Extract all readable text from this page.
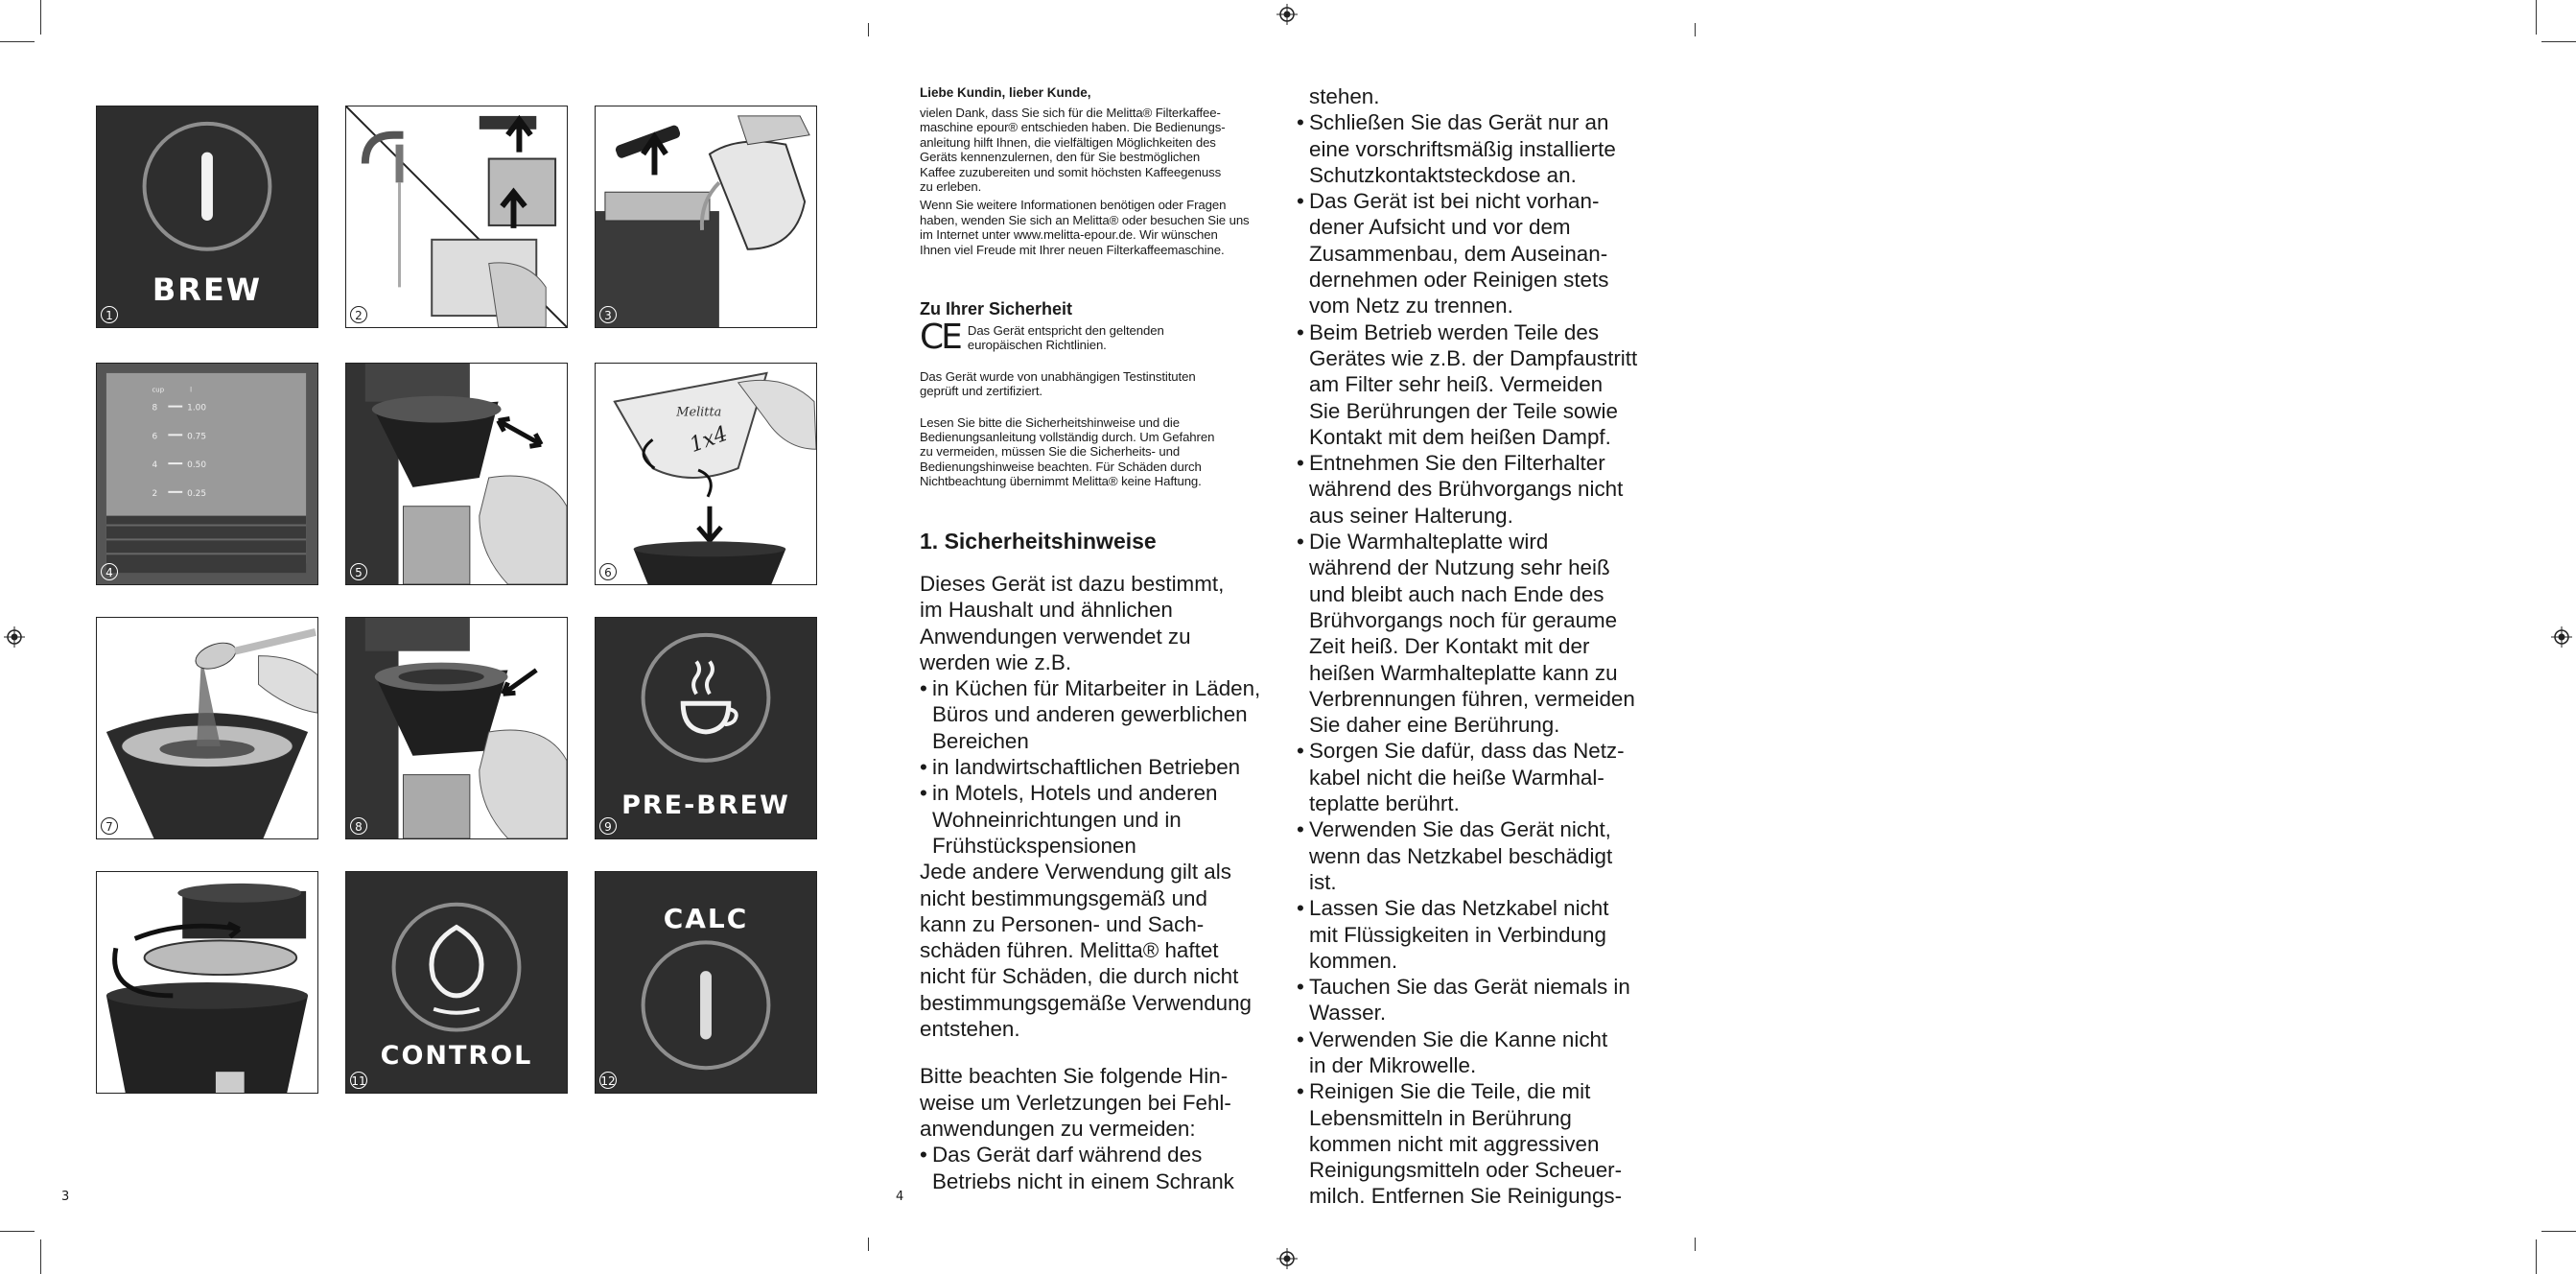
BREW
1	2	3
1.00
0.75
0.50
0.25
8
6
4
2
cup	l
4	5
Melitta
1x4
6
7	8
PRE-BREW
9
10
CONTROL
11
CALC
12
3	4
Liebe Kundin, lieber Kunde,

vielen Dank, dass Sie sich für die Melitta® Filterkaffee-

maschine epour® entschieden haben. Die Bedienungs-

anleitung hilft Ihnen, die vielfältigen Möglichkeiten des

Geräts kennenzulernen, den für Sie bestmöglichen

Kaffee zuzubereiten und somit höchsten Kaffeegenuss

zu erleben.

Wenn Sie weitere Informationen benötigen oder Fragen

haben, wenden Sie sich an Melitta® oder besuchen Sie uns

im Internet unter www.melitta-epour.de. Wir wünschen

Ihnen viel Freude mit Ihrer neuen Filterkaffeemaschine.

Zu Ihrer Sicherheit
CE Das Gerät entspricht den geltenden

europäischen Richtlinien.

Das Gerät wurde von unabhängigen Testinstituten

geprüft und zertifiziert.

Lesen Sie bitte die Sicherheitshinweise und die

Bedienungsanleitung vollständig durch. Um Gefahren

zu vermeiden, müssen Sie die Sicherheits- und

Bedienungshinweise beachten. Für Schäden durch

Nichtbeachtung übernimmt Melitta® keine Haftung.

1. Sicherheitshinweise

Dieses Gerät ist dazu bestimmt,

im Haushalt und ähnlichen

Anwendungen verwendet zu

werden wie z.B.

• in Küchen für Mitarbeiter in Läden,

Büros und anderen gewerblichen

Bereichen

• in landwirtschaftlichen Betrieben

• in Motels, Hotels und anderen

Wohneinrichtungen und in

Frühstückspensionen

Jede andere Verwendung gilt als

nicht bestimmungsgemäß und

kann zu Personen- und Sach-

schäden führen. Melitta® haftet

nicht für Schäden, die durch nicht

bestimmungsgemäße Verwendung

entstehen.

Bitte beachten Sie folgende Hin-

weise um Verletzungen bei Fehl-

anwendungen zu vermeiden:

• Das Gerät darf während des

Betriebs nicht in einem Schrank

stehen.

• Schließen Sie das Gerät nur an

eine vorschriftsmäßig installierte

Schutzkontaktsteckdose an.

• Das Gerät ist bei nicht vorhan-

dener Aufsicht und vor dem

Zusammenbau, dem Auseinan-

dernehmen oder Reinigen stets

vom Netz zu trennen.

• Beim Betrieb werden Teile des

Gerätes wie z.B. der Dampfaustritt

am Filter sehr heiß. Vermeiden

Sie Berührungen der Teile sowie

Kontakt mit dem heißen Dampf.

• Entnehmen Sie den Filterhalter

während des Brühvorgangs nicht

aus seiner Halterung.

• Die Warmhalteplatte wird

während der Nutzung sehr heiß

und bleibt auch nach Ende des

Brühvorgangs noch für geraume

Zeit heiß. Der Kontakt mit der

heißen Warmhalteplatte kann zu

Verbrennungen führen, vermeiden

Sie daher eine Berührung.

• Sorgen Sie dafür, dass das Netz-

kabel nicht die heiße Warmhal-

teplatte berührt.

• Verwenden Sie das Gerät nicht,

wenn das Netzkabel beschädigt

ist.

• Lassen Sie das Netzkabel nicht

mit Flüssigkeiten in Verbindung

kommen.

• Tauchen Sie das Gerät niemals in

Wasser.

• Verwenden Sie die Kanne nicht

in der Mikrowelle.

• Reinigen Sie die Teile, die mit

Lebensmitteln in Berührung

kommen nicht mit aggressiven

Reinigungsmitteln oder Scheuer-

milch. Entfernen Sie Reinigungs-
